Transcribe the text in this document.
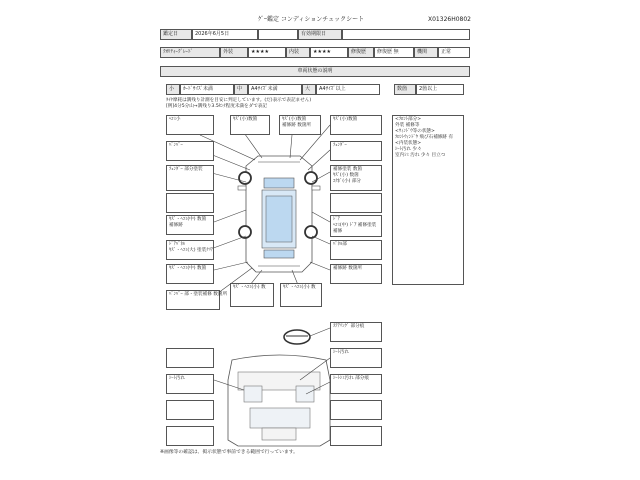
ｸﾞｰ鑑定 コンディションチェックシート	X01326H0802
鑑定日	2026年6月5日	有効期限日
ｸｵﾘﾃｨｰｸﾞﾚｰﾄﾞ	外装	★★★★	内装	★★★★	修復歴	修復歴 無	機関	正常
車両状態の説明
小	ｶｰﾄﾞｻｲｽﾞ未満	中	A4ｻｲｽﾞ未満	大	A4ｻｲｽﾞ以上	数箇	2箇以上
ﾀｲﾔ摩耗は溝残り計測を目安に判定しています。(だ)表示で表記ません)
[例]4分5分山→溝残り3.5ｾﾝﾁ程度未満をダで表記
ﾍｺﾐ小	ｷｽﾞ(小)数箇	ｷｽﾞ(小)数箇
補修跡 数箇所
ｷｽﾞ(小)数箇
ﾊﾞﾝﾊﾟｰ	ﾌｪﾝﾀﾞｰ
ﾌｪﾝﾀﾞｰ 部分塗装	補修塗装 数箇
ｷｽﾞ(小) 数箇
ｴｸﾎﾞ(小) 部分
ｷｽﾞ・ﾍｺﾐ(中) 数箇
補修跡
ﾄﾞｱ
ﾍｺﾐ(中) ﾄﾞｱ 補修塗装
補修
ﾄﾞｱﾊﾟﾈﾙ
ｷｽﾞ・ﾍｺﾐ(大) 塗装ｸﾘｱ
ﾊﾟﾈﾙ部
ｷｽﾞ・ﾍｺﾐ(中) 数箇	補修跡 数箇所
ﾊﾞﾝﾊﾟｰ 部・塗装補修 数箇所
ｷｽﾞ・ﾍｺﾐ(小) 数	ｷｽﾞ・ﾍｺﾐ(小) 数
<ﾌﾛﾝﾄ部分>
外装 補修等
<ｳｨﾝﾄﾞｳ等の状態>
ﾌﾛﾝﾄｳｨﾝﾄﾞｳ 飛び石補修跡 有
<内装状態>
ｼｰﾄ汚れ 少々
室内ｼﾐ 汚れ 少々 目立つ
ｽﾃｱﾘﾝｸﾞ 部分痕
ｼｰﾄ汚れ
ｼｰﾄ汚れ	ｼｰﾄｼﾐ汚れ 部分痕
※画像等の確認は、掲示状態で事前できる範囲で行っています。
